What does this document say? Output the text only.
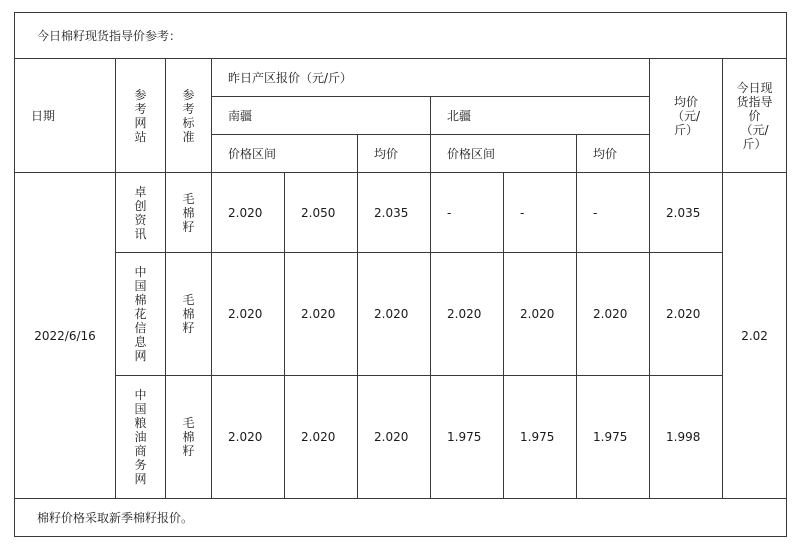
今日棉籽现货指导价参考：										
日期	参考网站	参考标准	昨日产区报价（元/斤）						均价（元/斤）	今日现货指导价（元/斤）

			南疆			北疆				
			价格区间		均价	价格区间		均价		
2022/6/16	卓创资讯	毛棉籽	2.020	2.050	2.035	-	-	-	2.035	2.02

	中国棉花信息网	毛棉籽	2.020	2.020	2.020	2.020	2.020	2.020	2.020	

	中国粮油商务网	毛棉籽	2.020	2.020	2.020	1.975	1.975	1.975	1.998	
棉籽价格采取新季棉籽报价。										
